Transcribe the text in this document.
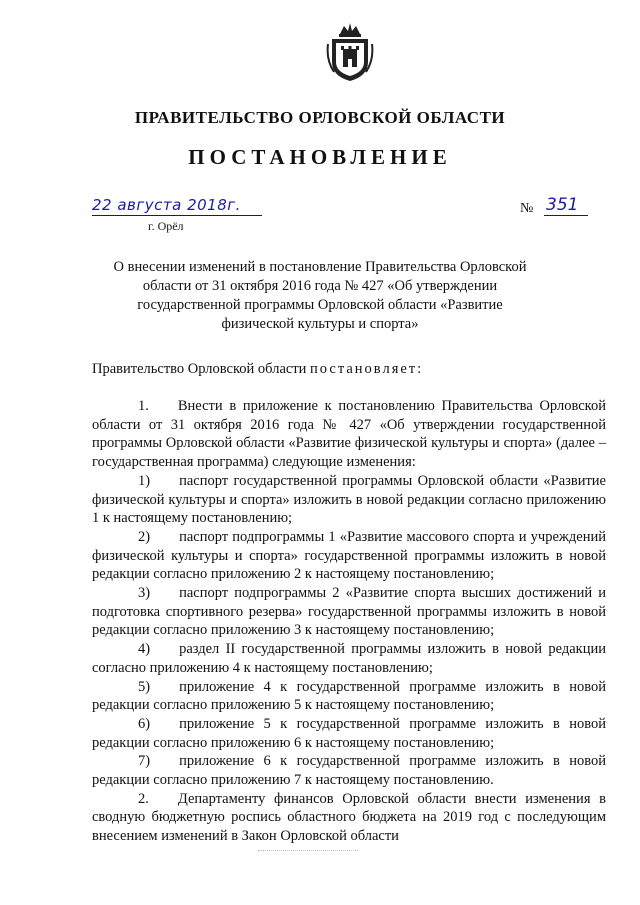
ПРАВИТЕЛЬСТВО ОРЛОВСКОЙ ОБЛАСТИ
ПОСТАНОВЛЕНИЕ
22 августа 2018г.
г. Орёл
№ 351
О внесении изменений в постановление Правительства Орловской области от 31 октября 2016 года № 427 «Об утверждении государственной программы Орловской области «Развитие физической культуры и спорта»
Правительство Орловской области постановляет:

1.  Внести в приложение к постановлению Правительства Орловской области от 31 октября 2016 года № 427 «Об утверждении государственной программы Орловской области «Развитие физической культуры и спорта» (далее – государственная программа) следующие изменения:

1)  паспорт государственной программы Орловской области «Развитие физической культуры и спорта» изложить в новой редакции согласно приложению 1 к настоящему постановлению;

2)  паспорт подпрограммы 1 «Развитие массового спорта и учреждений физической культуры и спорта» государственной программы изложить в новой редакции согласно приложению 2 к настоящему постановлению;

3)  паспорт подпрограммы 2 «Развитие спорта высших достижений и подготовка спортивного резерва» государственной программы изложить в новой редакции согласно приложению 3 к настоящему постановлению;

4)  раздел II государственной программы изложить в новой редакции согласно приложению 4 к настоящему постановлению;

5)  приложение 4 к государственной программе изложить в новой редакции согласно приложению 5 к настоящему постановлению;

6)  приложение 5 к государственной программе изложить в новой редакции согласно приложению 6 к настоящему постановлению;

7)  приложение 6 к государственной программе изложить в новой редакции согласно приложению 7 к настоящему постановлению.

2.  Департаменту финансов Орловской области внести изменения в сводную бюджетную роспись областного бюджета на 2019 год с последующим внесением изменений в Закон Орловской области
